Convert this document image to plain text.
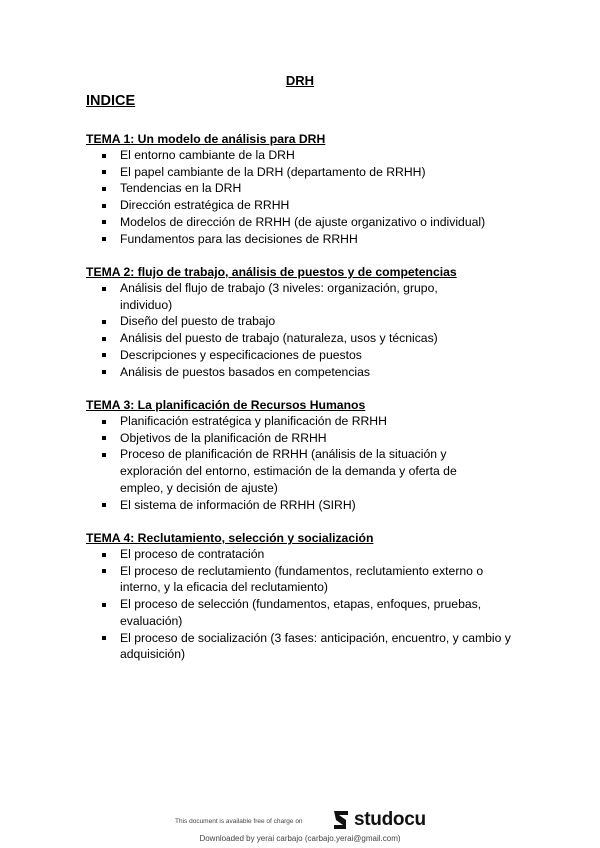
DRH
INDICE
TEMA 1: Un modelo de análisis para DRH
El entorno cambiante de la DRH
El papel cambiante de la DRH (departamento de RRHH)
Tendencias en la DRH
Dirección estratégica de RRHH
Modelos de dirección de RRHH (de ajuste organizativo o individual)
Fundamentos para las decisiones de RRHH
TEMA 2: flujo de trabajo, análisis de puestos y de competencias
Análisis del flujo de trabajo (3 niveles: organización, grupo, individuo)
Diseño del puesto de trabajo
Análisis del puesto de trabajo (naturaleza, usos y técnicas)
Descripciones y especificaciones de puestos
Análisis de puestos basados en competencias
TEMA 3: La planificación de Recursos Humanos
Planificación estratégica y planificación de RRHH
Objetivos de la planificación de RRHH
Proceso de planificación de RRHH (análisis de la situación y exploración del entorno, estimación de la demanda y oferta de empleo, y decisión de ajuste)
El sistema de información de RRHH (SIRH)
TEMA 4: Reclutamiento, selección y socialización
El proceso de contratación
El proceso de reclutamiento (fundamentos, reclutamiento externo o interno, y la eficacia del reclutamiento)
El proceso de selección (fundamentos, etapas, enfoques, pruebas, evaluación)
El proceso de socialización (3 fases: anticipación, encuentro, y cambio y adquisición)
This document is available free of charge on	studocu
Downloaded by yerai carbajo (carbajo.yerai@gmail.com)
